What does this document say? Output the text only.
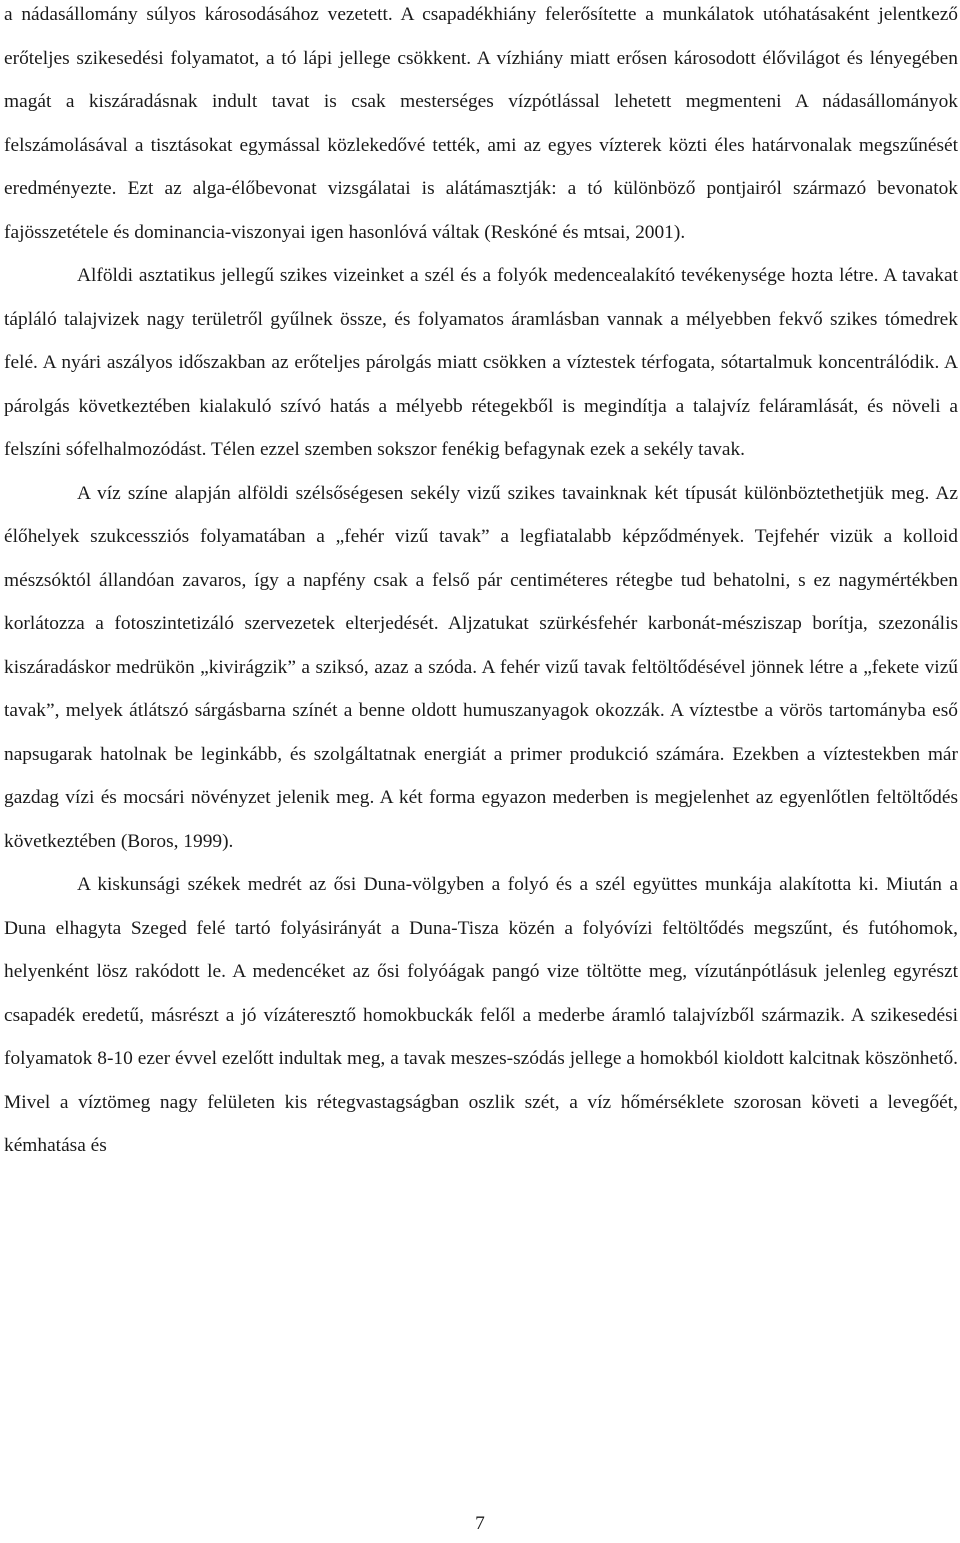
a nádasállomány súlyos károsodásához vezetett. A csapadékhiány felerősítette a munkálatok utóhatásaként jelentkező erőteljes szikesedési folyamatot, a tó lápi jellege csökkent. A vízhiány miatt erősen károsodott élővilágot és lényegében magát a kiszáradásnak indult tavat is csak mesterséges vízpótlással lehetett megmenteni A nádasállományok felszámolásával a tisztásokat egymással közlekedővé tették, ami az egyes vízterek közti éles határvonalak megszűnését eredményezte. Ezt az alga-élőbevonat vizsgálatai is alátámasztják: a tó különböző pontjairól származó bevonatok fajösszetétele és dominancia-viszonyai igen hasonlóvá váltak (Reskóné és mtsai, 2001).

Alföldi asztatikus jellegű szikes vizeinket a szél és a folyók medencealakító tevékenysége hozta létre. A tavakat tápláló talajvizek nagy területről gyűlnek össze, és folyamatos áramlásban vannak a mélyebben fekvő szikes tómedrek felé. A nyári aszályos időszakban az erőteljes párolgás miatt csökken a víztestek térfogata, sótartalmuk koncentrálódik. A párolgás következtében kialakuló szívó hatás a mélyebb rétegekből is megindítja a talajvíz feláramlását, és növeli a felszíni sófelhalmozódást. Télen ezzel szemben sokszor fenékig befagynak ezek a sekély tavak.

A víz színe alapján alföldi szélsőségesen sekély vizű szikes tavainknak két típusát különböztethetjük meg. Az élőhelyek szukcessziós folyamatában a „fehér vizű tavak” a legfiatalabb képződmények. Tejfehér vizük a kolloid mészsóktól állandóan zavaros, így a napfény csak a felső pár centiméteres rétegbe tud behatolni, s ez nagymértékben korlátozza a fotoszintetizáló szervezetek elterjedését. Aljzatukat szürkésfehér karbonát-mésziszap borítja, szezonális kiszáradáskor medrükön „kivirágzik” a sziksó, azaz a szóda. A fehér vizű tavak feltöltődésével jönnek létre a „fekete vizű tavak”, melyek átlátszó sárgásbarna színét a benne oldott humuszanyagok okozzák. A víztestbe a vörös tartományba eső napsugarak hatolnak be leginkább, és szolgáltatnak energiát a primer produkció számára. Ezekben a víztestekben már gazdag vízi és mocsári növényzet jelenik meg. A két forma egyazon mederben is megjelenhet az egyenlőtlen feltöltődés következtében (Boros, 1999).

A kiskunsági székek medrét az ősi Duna-völgyben a folyó és a szél együttes munkája alakította ki. Miután a Duna elhagyta Szeged felé tartó folyásirányát a Duna-Tisza közén a folyóvízi feltöltődés megszűnt, és futóhomok, helyenként lösz rakódott le. A medencéket az ősi folyóágak pangó vize töltötte meg, vízutánpótlásuk jelenleg egyrészt csapadék eredetű, másrészt a jó vízáteresztő homokbuckák felől a mederbe áramló talajvízből származik. A szikesedési folyamatok 8-10 ezer évvel ezelőtt indultak meg, a tavak meszes-szódás jellege a homokból kioldott kalcitnak köszönhető. Mivel a víztömeg nagy felületen kis rétegvastagságban oszlik szét, a víz hőmérséklete szorosan követi a levegőét, kémhatása és

7
